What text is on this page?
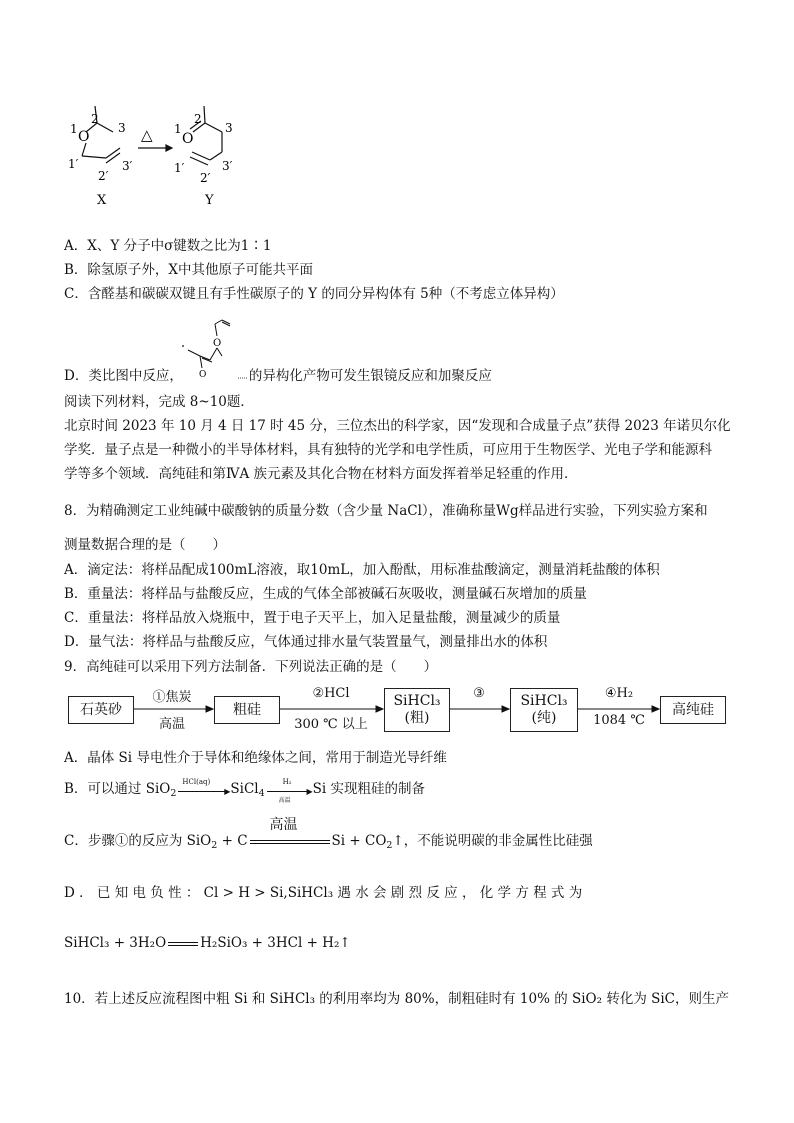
O
1
2
3
1′
2′
3′
X
△ O
1
2
3
1′
2′
3′
Y
A．X、Y 分子中σ键数之比为1∶1
B．除氢原子外，X中其他原子可能共平面
C．含醛基和碳碳双键且有手性碳原子的 Y 的同分异构体有 5种（不考虑立体异构）
O
O
D．类比图中反应，	的异构化产物可发生银镜反应和加聚反应
阅读下列材料，完成 8~10题．
北京时间 2023 年 10 月 4 日 17 时 45 分，三位杰出的科学家，因“发现和合成量子点”获得 2023 年诺贝尔化
学奖．量子点是一种微小的半导体材料，具有独特的光学和电学性质，可应用于生物医学、光电子学和能源科
学等多个领域．高纯硅和第ⅣA 族元素及其化合物在材料方面发挥着举足轻重的作用．
8．为精确测定工业纯碱中碳酸钠的质量分数（含少量 NaCl），准确称量Wg样品进行实验，下列实验方案和
测量数据合理的是（　　）
A．滴定法：将样品配成100mL溶液，取10mL，加入酚酞，用标准盐酸滴定，测量消耗盐酸的体积
B．重量法：将样品与盐酸反应，生成的气体全部被碱石灰吸收，测量碱石灰增加的质量
C．重量法：将样品放入烧瓶中，置于电子天平上，加入足量盐酸，测量减少的质量
D．量气法：将样品与盐酸反应，气体通过排水量气装置量气，测量排出水的体积
9．高纯硅可以采用下列方法制备．下列说法正确的是（　　）
石英砂
①焦炭
高温
粗硅
②HCl
300 ℃ 以上
SiHCl₃
(粗)
③	SiHCl₃
(纯)
④H₂
1084 ℃
高纯硅
A．晶体 Si 导电性介于导体和绝缘体之间，常用于制造光导纤维
B．可以通过 SiO$_2$
HCl(aq)
▶ SiCl$_4$
H₂
▶
高温
Si 实现粗硅的制备
C．步骤①的反应为 SiO$_2$ + C
高温
$Si + CO_2↑$，不能说明碳的非金属性比硅强
D ． 已 知 电 负 性 ： Cl > H > Si,SiHCl₃ 遇 水 会 剧 烈 反 应 ， 化 学 方 程 式 为
SiHCl₃ + 3H₂O	H₂SiO₃ + 3HCl + H₂↑
10．若上述反应流程图中粗 Si 和 SiHCl₃ 的利用率均为 80%，制粗硅时有 10% 的 SiO₂ 转化为 SiC，则生产
